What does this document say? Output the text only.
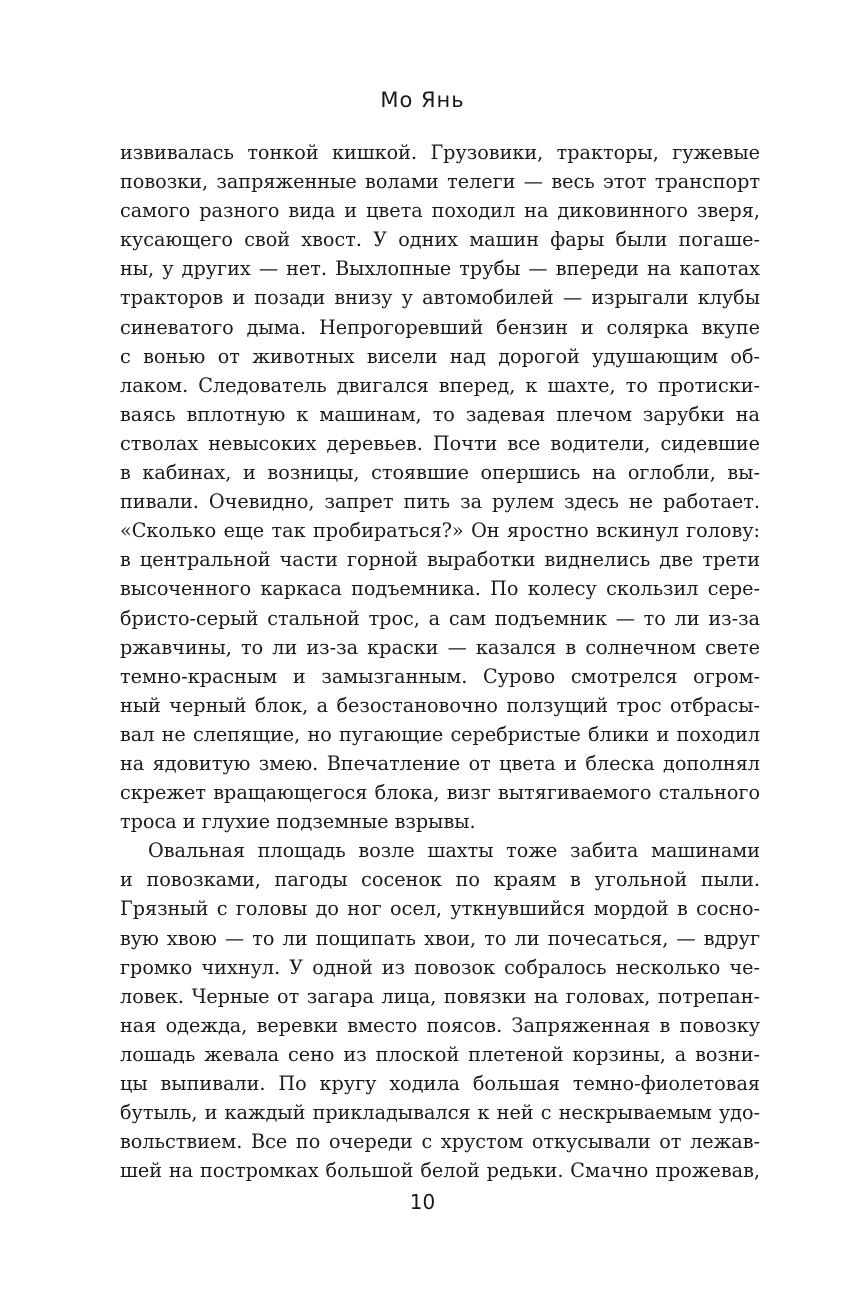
Мо Янь
извивалась тонкой кишкой. Грузовики, тракторы, гужевые
повозки, запряженные волами телеги — весь этот транспорт
самого разного вида и цвета походил на диковинного зверя,
кусающего свой хвост. У одних машин фары были погаше-
ны, у других — нет. Выхлопные трубы — впереди на капотах
тракторов и позади внизу у автомобилей — изрыгали клубы
синеватого дыма. Непрогоревший бензин и солярка вкупе
с вонью от животных висели над дорогой удушающим об-
лаком. Следователь двигался вперед, к шахте, то протиски-
ваясь вплотную к машинам, то задевая плечом зарубки на
стволах невысоких деревьев. Почти все водители, сидевшие
в кабинах, и возницы, стоявшие опершись на оглобли, вы-
пивали. Очевидно, запрет пить за рулем здесь не работает.
«Сколько еще так пробираться?» Он яростно вскинул голову:
в центральной части горной выработки виднелись две трети
высоченного каркаса подъемника. По колесу скользил сере-
бристо-серый стальной трос, а сам подъемник — то ли из-за
ржавчины, то ли из-за краски — казался в солнечном свете
темно-красным и замызганным. Сурово смотрелся огром-
ный черный блок, а безостановочно ползущий трос отбрасы-
вал не слепящие, но пугающие серебристые блики и походил
на ядовитую змею. Впечатление от цвета и блеска дополнял
скрежет вращающегося блока, визг вытягиваемого стального
троса и глухие подземные взрывы.
Овальная площадь возле шахты тоже забита машинами
и повозками, пагоды сосенок по краям в угольной пыли.
Грязный с головы до ног осел, уткнувшийся мордой в сосно-
вую хвою — то ли пощипать хвои, то ли почесаться, — вдруг
громко чихнул. У одной из повозок собралось несколько че-
ловек. Черные от загара лица, повязки на головах, потрепан-
ная одежда, веревки вместо поясов. Запряженная в повозку
лошадь жевала сено из плоской плетеной корзины, а возни-
цы выпивали. По кругу ходила большая темно-фиолетовая
бутыль, и каждый прикладывался к ней с нескрываемым удо-
вольствием. Все по очереди с хрустом откусывали от лежав-
шей на постромках большой белой редьки. Смачно прожевав,
10
